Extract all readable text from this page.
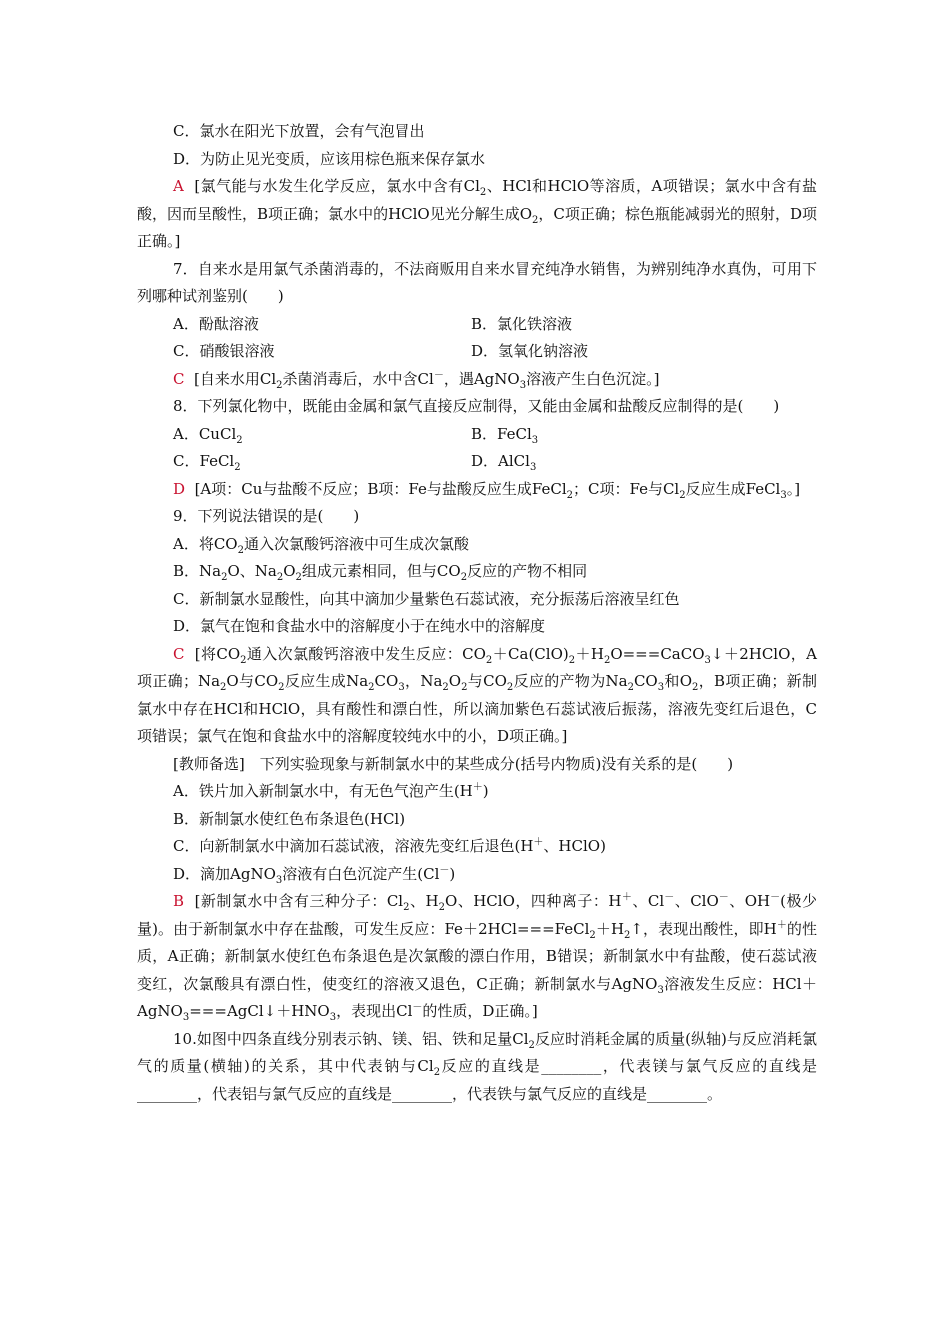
C．氯水在阳光下放置，会有气泡冒出

D．为防止见光变质，应该用棕色瓶来保存氯水

A [氯气能与水发生化学反应，氯水中含有$Cl_2$、HCl和HClO等溶质，A项错误；氯水中含有盐酸，因而呈酸性，B项正确；氯水中的HClO见光分解生成$O_2$，C项正确；棕色瓶能减弱光的照射，D项正确。]

7．自来水是用氯气杀菌消毒的，不法商贩用自来水冒充纯净水销售，为辨别纯净水真伪，可用下列哪种试剂鉴别(　　)

A．酚酞溶液	B．氯化铁溶液
C．硝酸银溶液	D．氢氧化钠溶液

C [自来水用$Cl_2$杀菌消毒后，水中含Cl－，遇AgNO$_3$溶液产生白色沉淀。]

8．下列氯化物中，既能由金属和氯气直接反应制得，又能由金属和盐酸反应制得的是(　　)

A．CuCl$_2$	B．FeCl$_3$
C．FeCl$_2$	D．AlCl$_3$

D [A项：Cu与盐酸不反应；B项：Fe与盐酸反应生成FeCl$_2$；C项：Fe与$Cl_2$反应生成FeCl$_3$。]

9．下列说法错误的是(　　)

A．将$CO_2$通入次氯酸钙溶液中可生成次氯酸

B．$Na_2O$、$Na_2O_2$组成元素相同，但与$CO_2$反应的产物不相同

C．新制氯水显酸性，向其中滴加少量紫色石蕊试液，充分振荡后溶液呈红色

D．氯气在饱和食盐水中的溶解度小于在纯水中的溶解度

C [将$CO_2$通入次氯酸钙溶液中发生反应：$CO_2+Ca(ClO)_2+H_2O===CaCO_3↓+2HClO$，A项正确；$Na_2O$与$CO_2$反应生成$Na_2CO_3$，$Na_2O_2$与$CO_2$反应的产物为$Na_2CO_3$和$O_2$，B项正确；新制氯水中存在HCl和HClO，具有酸性和漂白性，所以滴加紫色石蕊试液后振荡，溶液先变红后退色，C项错误；氯气在饱和食盐水中的溶解度较纯水中的小，D项正确。]

[教师备选]　下列实验现象与新制氯水中的某些成分(括号内物质)没有关系的是(　　)

A．铁片加入新制氯水中，有无色气泡产生(H＋)

B．新制氯水使红色布条退色(HCl)

C．向新制氯水中滴加石蕊试液，溶液先变红后退色(H＋、HClO)

D．滴加AgNO$_3$溶液有白色沉淀产生(Cl－)

B [新制氯水中含有三种分子：$Cl_2$、$H_2O$、HClO，四种离子：H＋、Cl－、ClO－、OH－(极少量)。由于新制氯水中存在盐酸，可发生反应：$Fe+2HCl===FeCl_2+H_2↑$，表现出酸性，即H＋的性质，A正确；新制氯水使红色布条退色是次氯酸的漂白作用，B错误；新制氯水中有盐酸，使石蕊试液变红，次氯酸具有漂白性，使变红的溶液又退色，C正确；新制氯水与AgNO$_3$溶液发生反应：$HCl+AgNO_3===AgCl↓+HNO_3$，表现出Cl－的性质，D正确。]

10.如图中四条直线分别表示钠、镁、铝、铁和足量$Cl_2$反应时消耗金属的质量(纵轴)与反应消耗氯气的质量(横轴)的关系，其中代表钠与$Cl_2$反应的直线是________，代表镁与氯气反应的直线是________，代表铝与氯气反应的直线是________，代表铁与氯气反应的直线是________。
